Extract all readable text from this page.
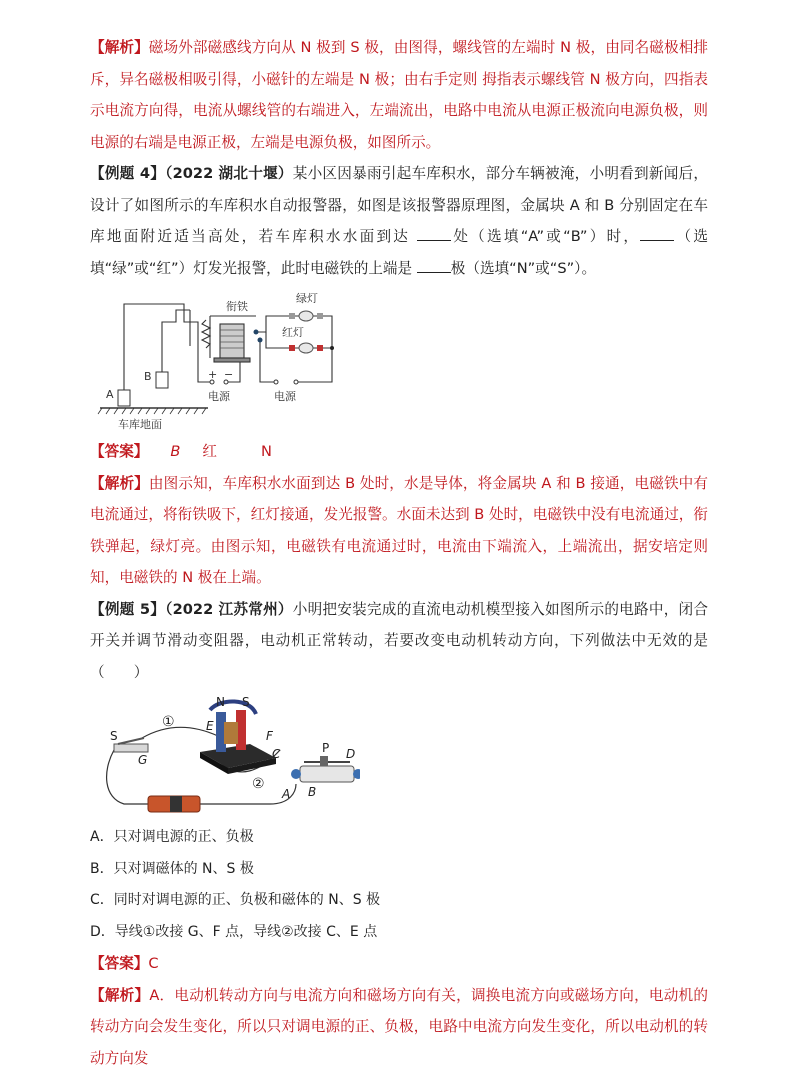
【解析】磁场外部磁感线方向从 N 极到 S 极，由图得，螺线管的左端时 N 极，由同名磁极相排斥，异名磁极相吸引得，小磁针的左端是 N 极；由右手定则 拇指表示螺线管 N 极方向，四指表示电流方向得，电流从螺线管的右端进入，左端流出，电路中电流从电源正极流向电源负极，则电源的右端是电源正极，左端是电源负极，如图所示。

【例题 4】（2022 湖北十堰）某小区因暴雨引起车库积水，部分车辆被淹，小明看到新闻后，设计了如图所示的车库积水自动报警器，如图是该报警器原理图，金属块 A 和 B 分别固定在车库地面附近适当高处，若车库积水水面到达 处（选填“A”或“B”）时， （选填“绿”或“红”）灯发光报警，此时电磁铁的上端是 极（选填“N”或“S”）。

绿灯
红灯
衔铁
+ −
电源	电源
A
B
车库地面

【答案】 B 红	N

【解析】由图示知，车库积水水面到达 B 处时，水是导体，将金属块 A 和 B 接通，电磁铁中有电流通过，将衔铁吸下，红灯接通，发光报警。水面未达到 B 处时，电磁铁中没有电流通过，衔铁弹起，绿灯亮。由图示知，电磁铁有电流通过时，电流由下端流入，上端流出，据安培定则知，电磁铁的 N 极在上端。

【例题 5】（2022 江苏常州）小明把安装完成的直流电动机模型接入如图所示的电路中，闭合开关并调节滑动变阻器，电动机正常转动，若要改变电动机转动方向，下列做法中无效的是（　　）

N S
E
F
S
G	C	P D
A B
①
②

A．只对调电源的正、负极

B．只对调磁体的 N、S 极

C．同时对调电源的正、负极和磁体的 N、S 极

D．导线①改接 G、F 点，导线②改接 C、E 点

【答案】C

【解析】A．电动机转动方向与电流方向和磁场方向有关，调换电流方向或磁场方向，电动机的转动方向会发生变化，所以只对调电源的正、负极，电路中电流方向发生变化，所以电动机的转动方向发
